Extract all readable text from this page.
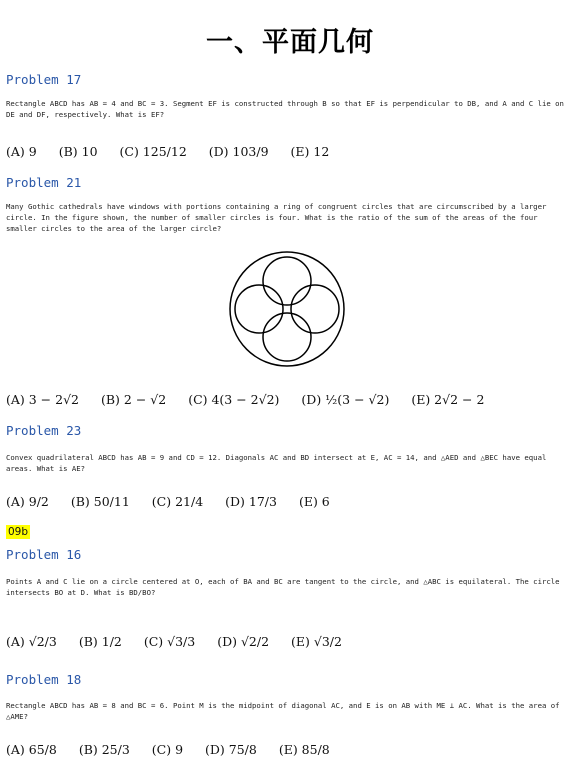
一、平面几何
Problem 17
Rectangle ABCD has AB = 4 and BC = 3. Segment EF is constructed through B so that EF is perpendicular to DB, and A and C lie on DE and DF, respectively. What is EF?
(A) 9 (B) 10 (C) 125/12 (D) 103/9 (E) 12
Problem 21
Many Gothic cathedrals have windows with portions containing a ring of congruent circles that are circumscribed by a larger circle. In the figure shown, the number of smaller circles is four. What is the ratio of the sum of the areas of the four smaller circles to the area of the larger circle?
(A) 3 − 2√2 (B) 2 − √2 (C) 4(3 − 2√2) (D) ½(3 − √2) (E) 2√2 − 2
Problem 23
Convex quadrilateral ABCD has AB = 9 and CD = 12. Diagonals AC and BD intersect at E, AC = 14, and △AED and △BEC have equal areas. What is AE?
(A) 9/2 (B) 50/11 (C) 21/4 (D) 17/3 (E) 6
09b
Problem 16
Points A and C lie on a circle centered at O, each of BA and BC are tangent to the circle, and △ABC is equilateral. The circle intersects BO at D. What is BD/BO?
(A) √2/3 (B) 1/2 (C) √3/3 (D) √2/2 (E) √3/2
Problem 18
Rectangle ABCD has AB = 8 and BC = 6. Point M is the midpoint of diagonal AC, and E is on AB with ME ⊥ AC. What is the area of △AME?
(A) 65/8 (B) 25/3 (C) 9 (D) 75/8 (E) 85/8
